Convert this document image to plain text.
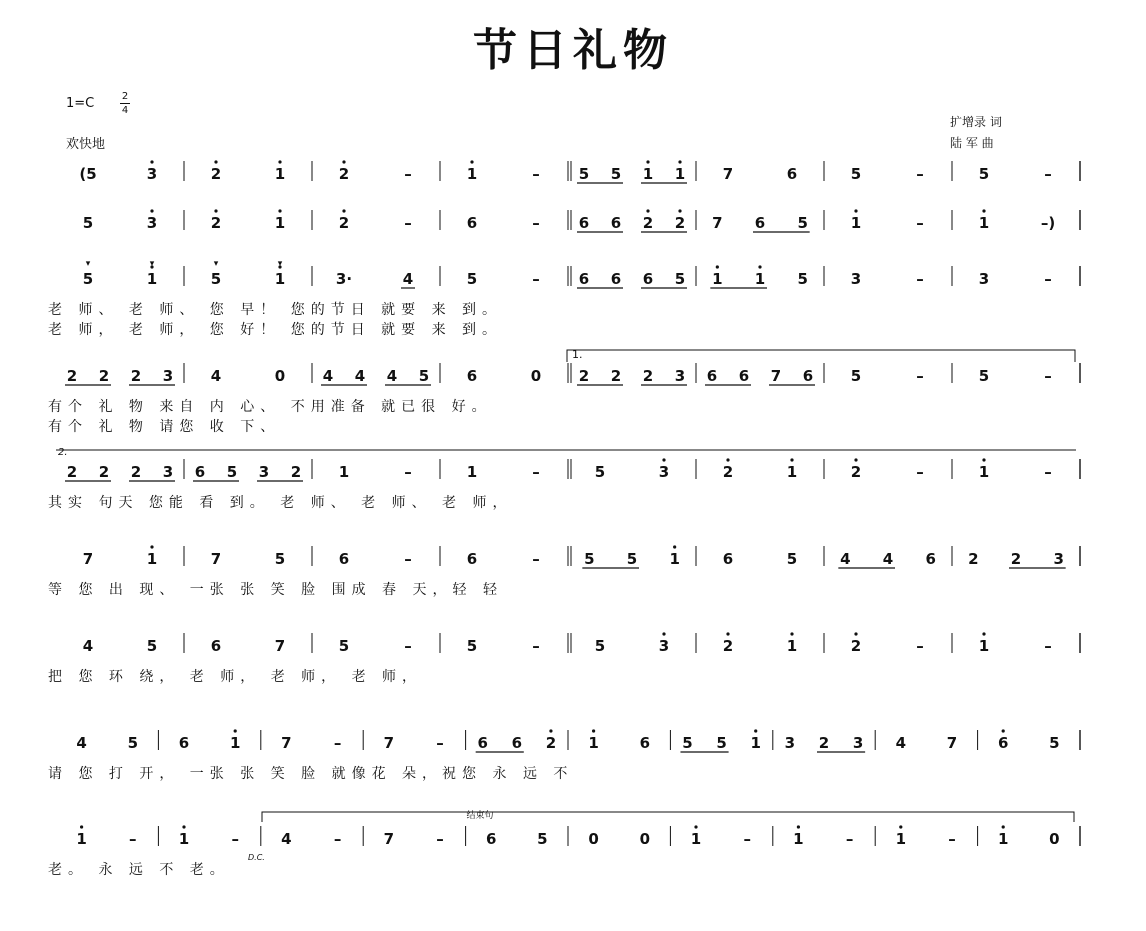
节日礼物
1=C	2
4
欢快地
扩增录 词
陆 军 曲
(5	3	2	1	2	–	1	–	5 5 1 1	7	6	5	–	5	–
5	3	2	1	2	–	6	–	6 6 2 2 7 6 5	1	–	1	–)
5
▾
1
▾
5
▾
1
▾
3·	4	5	–	6 6 6 5 1 1 5	3	–	3	–
老 师、 老 师、 您 早！ 您的节日 就要 来 到。
老 师， 老 师， 您 好！ 您的节日 就要 来 到。
2 2 2 3	4	0	4 4 4 5	6	0	2 2 2 3 6 6 7 6	5	–	5	–
有个 礼 物 来自 内 心、 不用准备 就已很 好。
有个 礼 物 请您 收 下、
2 2 2 3 6 5 3 2	1	–	1	–	5	3	2	1	2	–	1	–
其实 句天 您能 看 到。 老 师、 老 师、 老 师，
7	1	7	5	6	–	6	–	5 5 1	6	5	4 4 6 2 2 3
等 您 出 现、 一张 张 笑 脸 围成 春 天，轻 轻
4	5	6	7	5	–	5	–	5	3	2	1	2	–	1	–
把 您 环 绕， 老 师， 老 师， 老 师，
4	5	6	1	7	–	7	– 6 6 2 1	6 5 5 1 3 2 3 4	7	6	5
请 您 打 开， 一张 张 笑 脸 就像花 朵，祝您 永 远 不
1	–	1	–	4	–	7	–	6	5	0	0	1	–	1	–	1	–	1	0
老。 永 远 不 老。
1.
2.
D.C.
结束句
